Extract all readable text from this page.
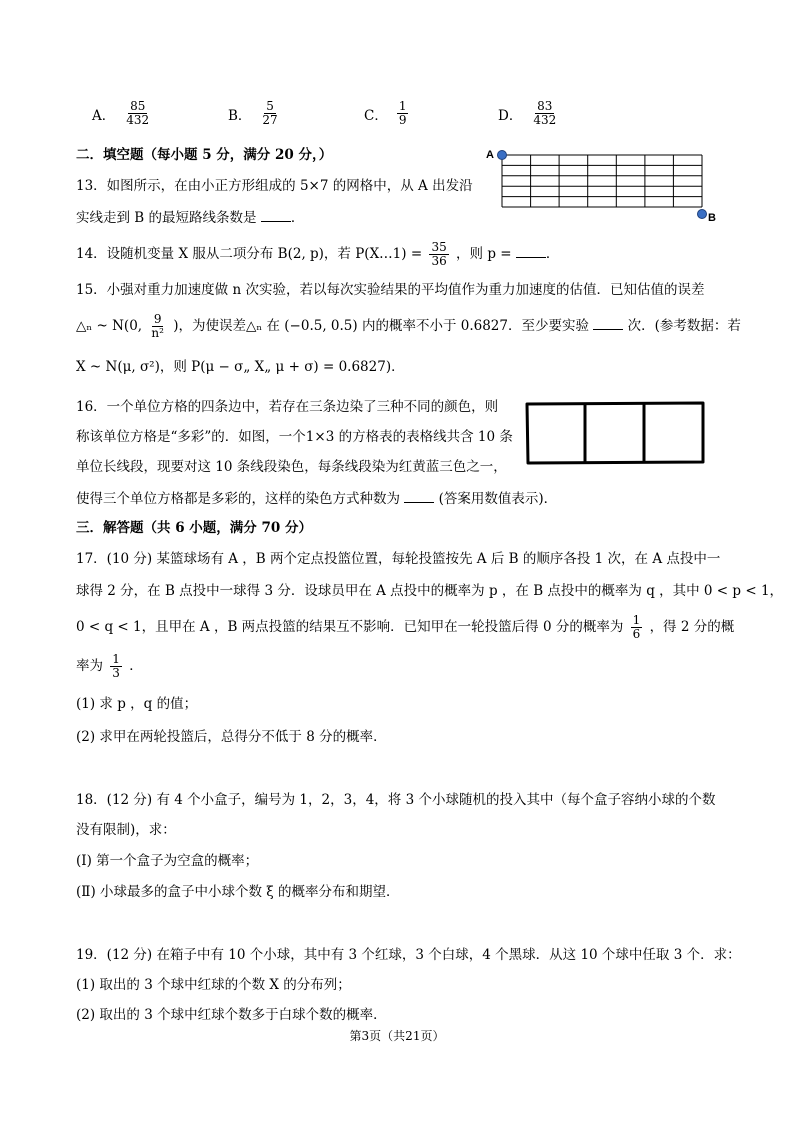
A． $\frac{85}{432}$	B． $\frac{5}{27}$	C． $\frac{1}{9}$	D． $\frac{83}{432}$
二．填空题（每小题 5 分，满分 20 分，）
13．如图所示，在由小正方形组成的 5×7 的网格中，从 A 出发沿
实线走到 B 的最短路线条数是	．
A
B
14．设随机变量 X 服从二项分布 B(2, p)，若 P(X…1) = $\frac{35}{36}$ ，则 p =	．
15．小强对重力加速度做 n 次实验，若以每次实验结果的平均值作为重力加速度的估值．已知估值的误差
△ₙ ~ N(0, $\frac{9}{\text{n²}}$ )，为使误差△ₙ 在 (−0.5, 0.5) 内的概率不小于 0.6827．至少要实验	次．(参考数据：若
X ~ N(μ, σ²)，则 P(μ − σ„ X„ μ + σ) = 0.6827)．
16．一个单位方格的四条边中，若存在三条边染了三种不同的颜色，则
称该单位方格是“多彩”的．如图，一个1×3 的方格表的表格线共含 10 条
单位长线段，现要对这 10 条线段染色，每条线段染为红黄蓝三色之一，
使得三个单位方格都是多彩的，这样的染色方式种数为	(答案用数值表示)．
三．解答题（共 6 小题，满分 70 分）
17．(10 分) 某篮球场有 A ，B 两个定点投篮位置，每轮投篮按先 A 后 B 的顺序各投 1 次，在 A 点投中一
球得 2 分，在 B 点投中一球得 3 分．设球员甲在 A 点投中的概率为 p ，在 B 点投中的概率为 q ，其中 0 < p < 1，
0 < q < 1，且甲在 A ，B 两点投篮的结果互不影响．已知甲在一轮投篮后得 0 分的概率为 $\frac{1}{6}$ ，得 2 分的概
率为 $\frac{1}{3}$ ．
(1) 求 p ，q 的值；
(2) 求甲在两轮投篮后，总得分不低于 8 分的概率．
18．(12 分) 有 4 个小盒子，编号为 1，2，3，4，将 3 个小球随机的投入其中（每个盒子容纳小球的个数
没有限制)，求：
(Ⅰ) 第一个盒子为空盒的概率；
(Ⅱ) 小球最多的盒子中小球个数 ξ 的概率分布和期望．
19．(12 分) 在箱子中有 10 个小球，其中有 3 个红球，3 个白球，4 个黑球．从这 10 个球中任取 3 个．求：
(1) 取出的 3 个球中红球的个数 X 的分布列；
(2) 取出的 3 个球中红球个数多于白球个数的概率．
第3页（共21页）
